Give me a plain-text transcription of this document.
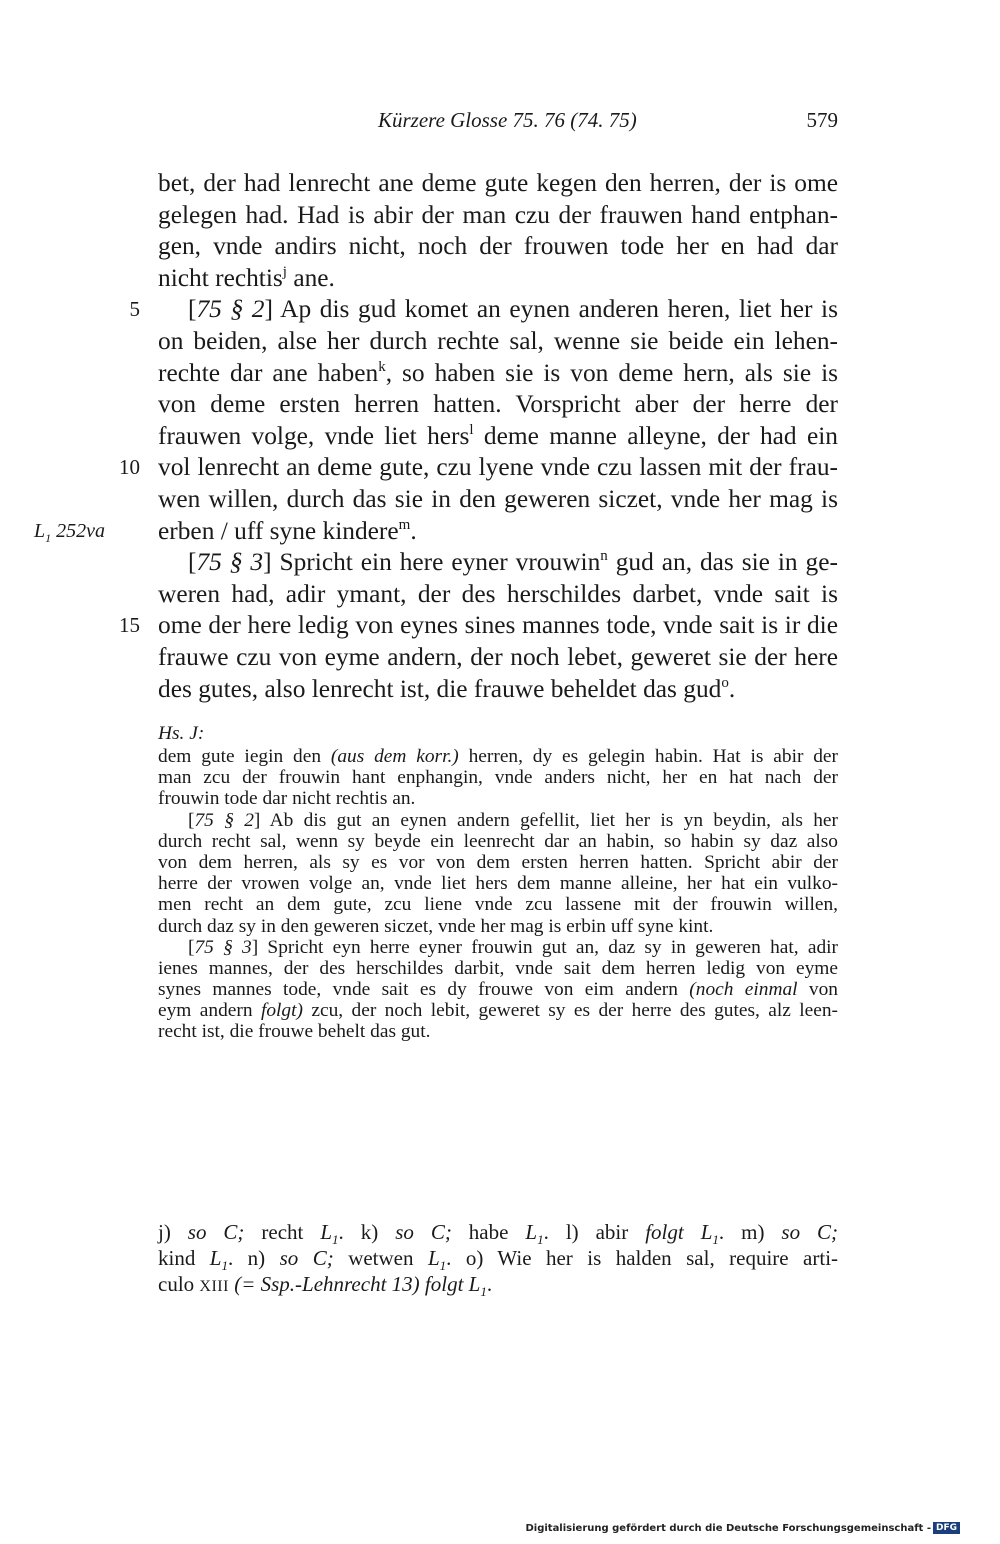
Kürzere Glosse 75. 76 (74. 75)	579
5
10
15
$L_1$ 252va
bet, der had lenrecht ane deme gute kegen den herren, der is ome
gelegen had. Had is abir der man czu der frauwen hand entphan-
gen, vnde andirs nicht, noch der frouwen tode her en had dar
nicht rechtis$^j$ ane.
[75 § 2] Ap dis gud komet an eynen anderen heren, liet her is
on beiden, alse her durch rechte sal, wenne sie beide ein lehen-
rechte dar ane haben$^k$, so haben sie is von deme hern, als sie is
von deme ersten herren hatten. Vorspricht aber der herre der
frauwen volge, vnde liet hers$^l$ deme manne alleyne, der had ein
vol lenrecht an deme gute, czu lyene vnde czu lassen mit der frau-
wen willen, durch das sie in den geweren siczet, vnde her mag is
erben / uff syne kindere$^m$.
[75 § 3] Spricht ein here eyner vrouwin$^n$ gud an, das sie in ge-
weren had, adir ymant, der des herschildes darbet, vnde sait is
ome der here ledig von eynes sines mannes tode, vnde sait is ir die
frauwe czu von eyme andern, der noch lebet, geweret sie der here
des gutes, also lenrecht ist, die frauwe beheldet das gud$^o$.
Hs. J:
dem gute iegin den (aus dem korr.) herren, dy es gelegin habin. Hat is abir der
man zcu der frouwin hant enphangin, vnde anders nicht, her en hat nach der
frouwin tode dar nicht rechtis an.
[75 § 2] Ab dis gut an eynen andern gefellit, liet her is yn beydin, als her
durch recht sal, wenn sy beyde ein leenrecht dar an habin, so habin sy daz also
von dem herren, als sy es vor von dem ersten herren hatten. Spricht abir der
herre der vrowen volge an, vnde liet hers dem manne alleine, her hat ein vulko-
men recht an dem gute, zcu liene vnde zcu lassene mit der frouwin willen,
durch daz sy in den geweren siczet, vnde her mag is erbin uff syne kint.
[75 § 3] Spricht eyn herre eyner frouwin gut an, daz sy in geweren hat, adir
ienes mannes, der des herschildes darbit, vnde sait dem herren ledig von eyme
synes mannes tode, vnde sait es dy frouwe von eim andern (noch einmal von
eym andern folgt) zcu, der noch lebit, geweret sy es der herre des gutes, alz leen-
recht ist, die frouwe behelt das gut.
j) so C; recht $L_1$. k) so C; habe $L_1$. l) abir folgt $L_1$. m) so C;
kind $L_1$. n) so C; wetwen $L_1$. o) Wie her is halden sal, require arti-
culo XIII (= Ssp.-Lehnrecht 13) folgt $L_1$.
Digitalisierung gefördert durch die Deutsche Forschungsgemeinschaft - DFG
